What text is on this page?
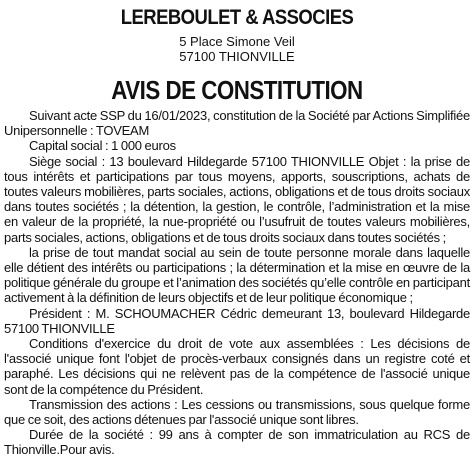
LEREBOULET & ASSOCIES
5 Place Simone Veil
57100 THIONVILLE
AVIS DE CONSTITUTION

Suivant acte SSP du 16/01/2023, constitution de la Société par Actions Simplifiée Unipersonnelle : TOVEAM

Capital social : 1 000 euros

Siège social : 13 boulevard Hildegarde 57100 THIONVILLE Objet : la prise de tous intérêts et participations par tous moyens, apports, souscriptions, achats de toutes valeurs mobilières, parts sociales, actions, obligations et de tous droits sociaux dans toutes sociétés ; la détention, la gestion, le contrôle, l’administration et la mise en valeur de la propriété, la nue-propriété ou l’usufruit de toutes valeurs mobilières, parts sociales, actions, obligations et de tous droits sociaux dans toutes sociétés ;

la prise de tout mandat social au sein de toute personne morale dans laquelle elle détient des intérêts ou participations ; la détermination et la mise en œuvre de la politique générale du groupe et l’animation des sociétés qu’elle contrôle en participant activement à la définition de leurs objectifs et de leur politique économique ;

Président : M. SCHOUMACHER Cédric demeurant 13, boulevard Hildegarde 57100 THIONVILLE

Conditions d'exercice du droit de vote aux assemblées : Les décisions de l'associé unique font l'objet de procès-verbaux consignés dans un registre coté et paraphé. Les décisions qui ne relèvent pas de la compétence de l'associé unique sont de la compétence du Président.

Transmission des actions : Les cessions ou transmissions, sous quelque forme que ce soit, des actions détenues par l'associé unique sont libres.

Durée de la société : 99 ans à compter de son immatriculation au RCS de Thionville.Pour avis.
